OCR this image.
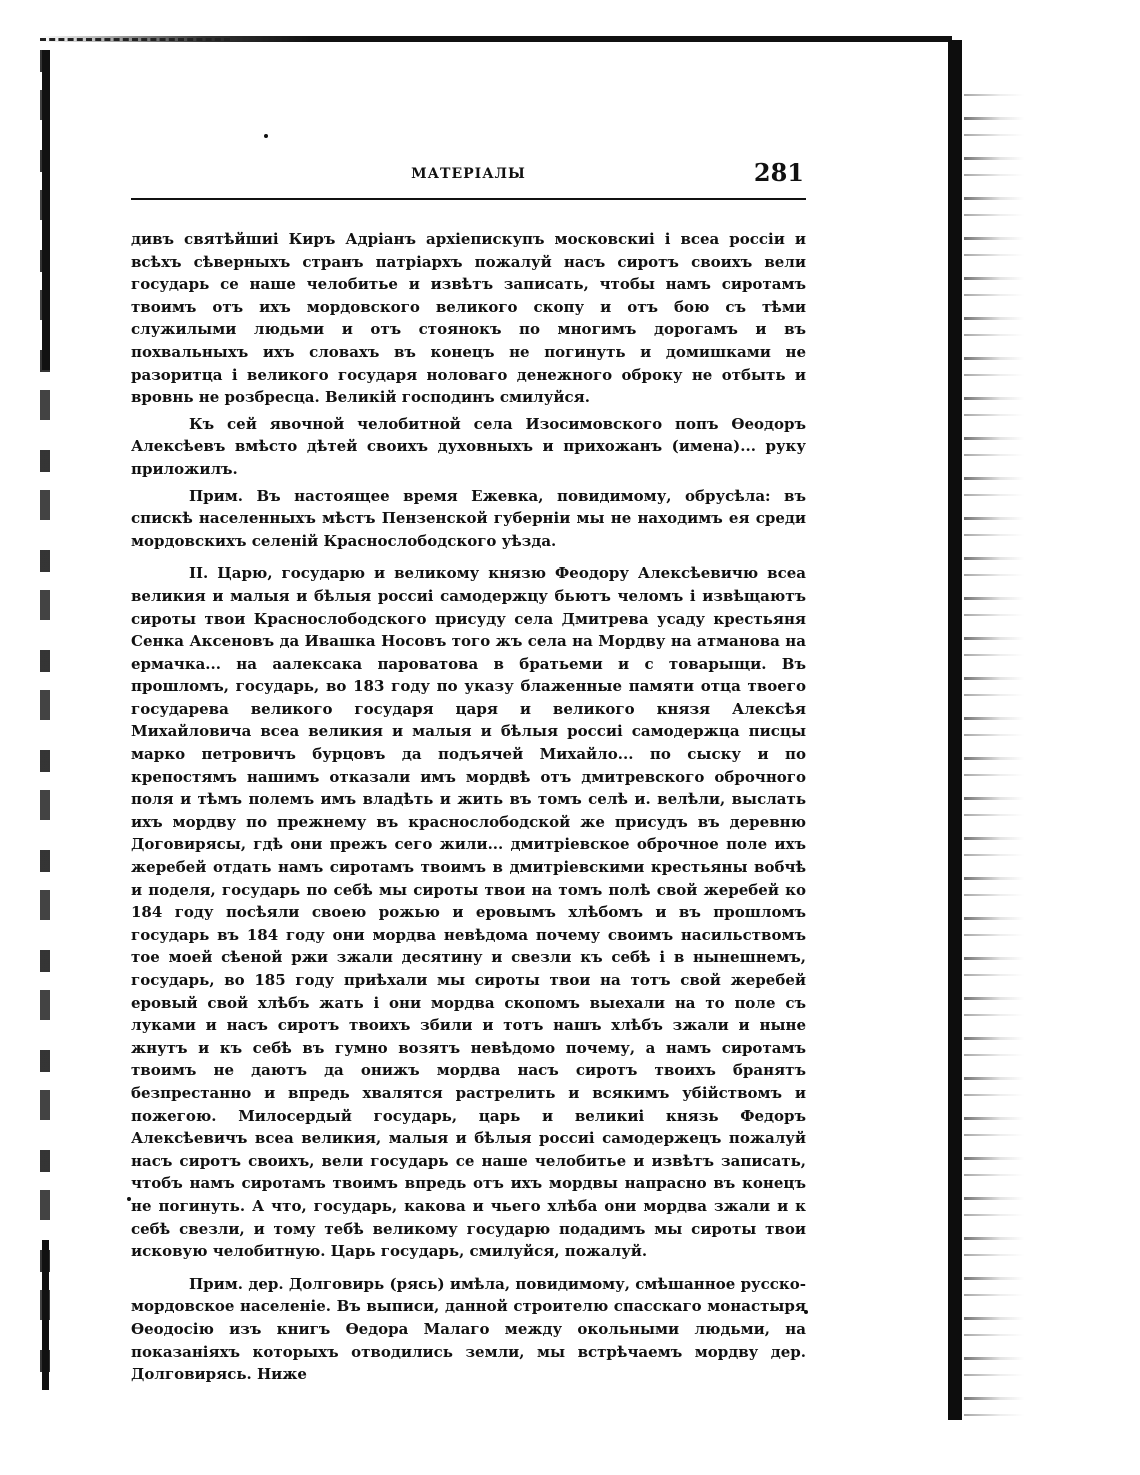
МАТЕРІАЛЫ	281

дивъ святѣйшиі Киръ Адріанъ архіепискупъ московскиі і всеа россіи и всѣхъ сѣверныхъ странъ патріархъ пожалуй насъ сиротъ своихъ вели государь се наше челобитье и извѣтъ записать, чтобы намъ сиротамъ твоимъ отъ ихъ мордовского великого скопу и отъ бою съ тѣми служилыми людьми и отъ стоянокъ по многимъ дорогамъ и въ похвальныхъ ихъ словахъ въ конецъ не погинуть и домишками не разоритца і великого государя ноловаго денежного оброку не отбыть и вровнь не розбресца. Великій господинъ смилуйся.

Къ сей явочной челобитной села Изосимовского попъ Өеодоръ Алексѣевъ вмѣсто дѣтей своихъ духовныхъ и прихожанъ (имена)... руку приложилъ.

Прим. Въ настоящее время Ежевка, повидимому, обрусѣла: въ спискѣ населенныхъ мѣстъ Пензенской губерніи мы не находимъ ея среди мордовскихъ селеній Краснослободского уѣзда.

II. Царю, государю и великому князю Феодору Алексѣевичю всеа великия и малыя и бѣлыя россиі самодержцу бьютъ челомъ і извѣщаютъ сироты твои Краснослободского присуду села Дмитрева усаду крестьяня Сенка Аксеновъ да Ивашка Носовъ того жъ села на Мордву на атманова на ермачка... на аалексака пароватова в братьеми и с товарыщи. Въ прошломъ, государь, во 183 году по указу блаженные памяти отца твоего государева великого государя царя и великого князя Алексѣя Михайловича всеа великия и малыя и бѣлыя россиі самодержца писцы марко петровичъ бурцовъ да подъячей Михайло... по сыску и по крепостямъ нашимъ отказали имъ мордвѣ отъ дмитревского оброчного поля и тѣмъ полемъ имъ владѣть и жить въ томъ селѣ и. велѣли, выслать ихъ мордву по прежнему въ краснослободской же присудъ въ деревню Договирясы, гдѣ они прежъ сего жили... дмитріевское оброчное поле ихъ жеребей отдать намъ сиротамъ твоимъ в дмитріевскими крестьяны вобчѣ и поделя, государь по себѣ мы сироты твои на томъ полѣ свой жеребей ко 184 году посѣяли своею рожью и еровымъ хлѣбомъ и въ прошломъ государь въ 184 году они мордва невѣдома почему своимъ насильствомъ тое моей сѣеной ржи зжали десятину и свезли къ себѣ і в нынешнемъ, государь, во 185 году приѣхали мы сироты твои на тотъ свой жеребей еровый свой хлѣбъ жать і они мордва скопомъ выехали на то поле съ луками и насъ сиротъ твоихъ збили и тотъ нашъ хлѣбъ зжали и ныне жнутъ и къ себѣ въ гумно возятъ невѣдомо почему, а намъ сиротамъ твоимъ не даютъ да онижъ мордва насъ сиротъ твоихъ бранятъ безпрестанно и впредь хвалятся растрелить и всякимъ убійствомъ и пожегою. Милосердый государь, царь и великиі князь Федоръ Алексѣевичъ всеа великия, малыя и бѣлыя россиі самодержецъ пожалуй насъ сиротъ своихъ, вели государь се наше челобитье и извѣтъ записать, чтобъ намъ сиротамъ твоимъ впредь отъ ихъ мордвы напрасно въ конецъ не погинуть. А что, государь, какова и чьего хлѣба они мордва зжали и к себѣ свезли, и тому тебѣ великому государю подадимъ мы сироты твои исковую челобитную. Царь государь, смилуйся, пожалуй.

Прим. дер. Долговирь (рясь) имѣла, повидимому, смѣшанное русско-мордовское населеніе. Въ выписи, данной строителю спасскаго монастыря Өеодосію изъ книгъ Өедора Малаго между окольными людьми, на показаніяхъ которыхъ отводились земли, мы встрѣчаемъ мордву дер. Долговирясь. Ниже
